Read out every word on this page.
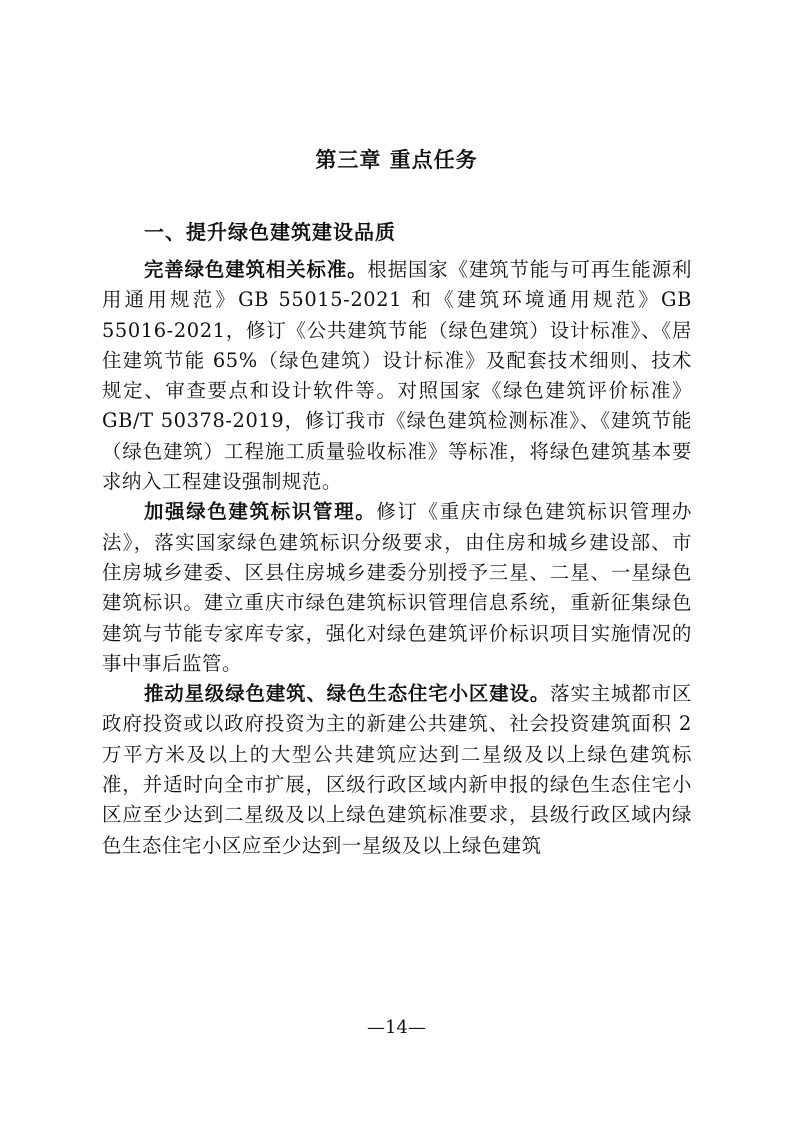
第三章 重点任务
一、提升绿色建筑建设品质

完善绿色建筑相关标准。根据国家《建筑节能与可再生能源利用通用规范》GB 55015-2021 和《建筑环境通用规范》GB 55016-2021，修订《公共建筑节能（绿色建筑）设计标准》、《居住建筑节能 65%（绿色建筑）设计标准》及配套技术细则、技术规定、审查要点和设计软件等。对照国家《绿色建筑评价标准》GB/T 50378-2019，修订我市《绿色建筑检测标准》、《建筑节能（绿色建筑）工程施工质量验收标准》等标准，将绿色建筑基本要求纳入工程建设强制规范。

加强绿色建筑标识管理。修订《重庆市绿色建筑标识管理办法》，落实国家绿色建筑标识分级要求，由住房和城乡建设部、市住房城乡建委、区县住房城乡建委分别授予三星、二星、一星绿色建筑标识。建立重庆市绿色建筑标识管理信息系统，重新征集绿色建筑与节能专家库专家，强化对绿色建筑评价标识项目实施情况的事中事后监管。

推动星级绿色建筑、绿色生态住宅小区建设。落实主城都市区政府投资或以政府投资为主的新建公共建筑、社会投资建筑面积 2 万平方米及以上的大型公共建筑应达到二星级及以上绿色建筑标准，并适时向全市扩展，区级行政区域内新申报的绿色生态住宅小区应至少达到二星级及以上绿色建筑标准要求，县级行政区域内绿色生态住宅小区应至少达到一星级及以上绿色建筑

—14—
